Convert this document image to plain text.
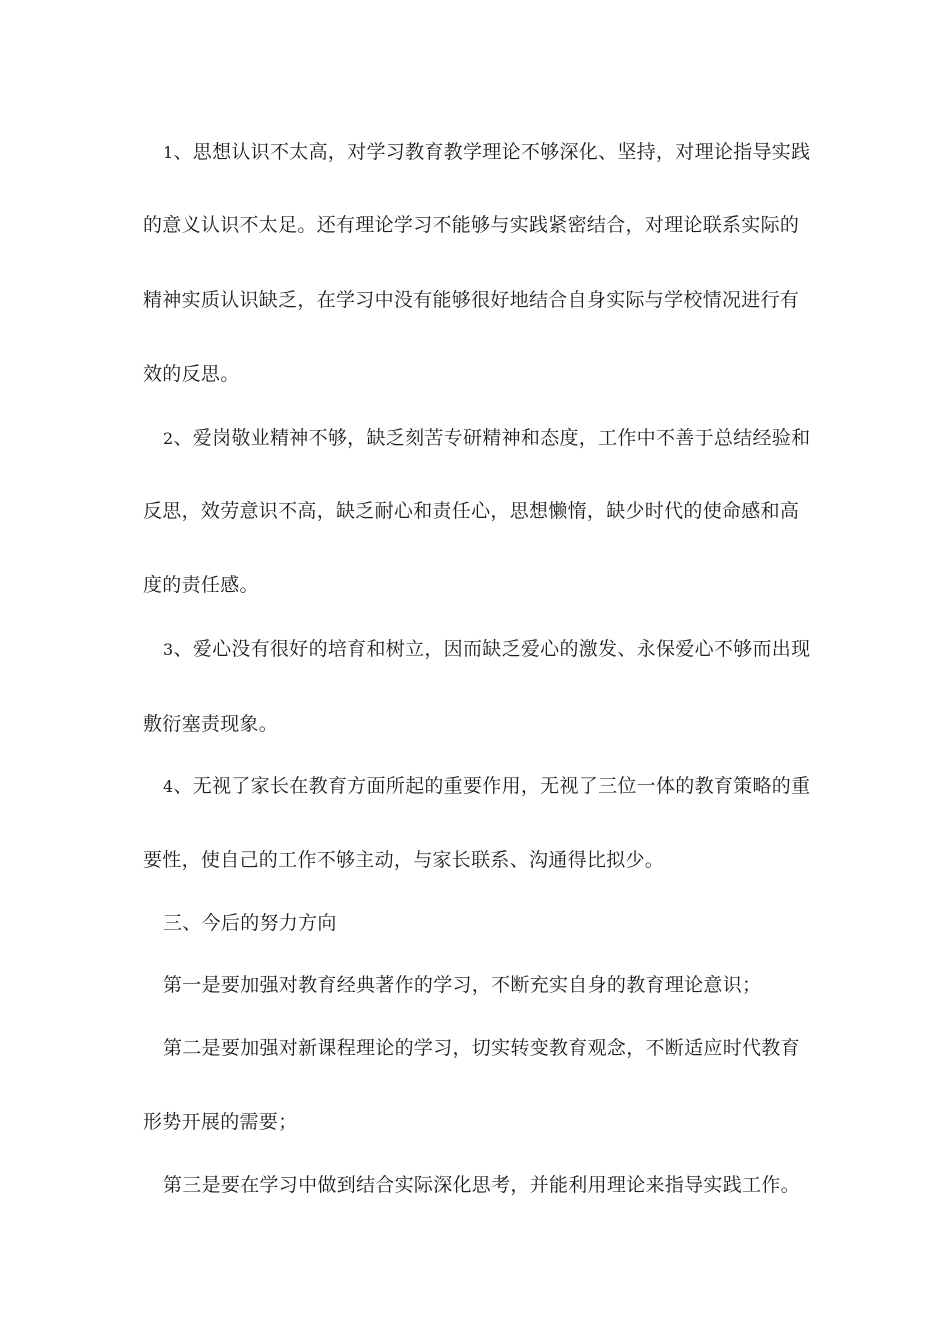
1、思想认识不太高，对学习教育教学理论不够深化、坚持，对理论指导实践
的意义认识不太足。还有理论学习不能够与实践紧密结合，对理论联系实际的
精神实质认识缺乏，在学习中没有能够很好地结合自身实际与学校情况进行有
效的反思。
2、爱岗敬业精神不够，缺乏刻苦专研精神和态度，工作中不善于总结经验和
反思，效劳意识不高，缺乏耐心和责任心，思想懒惰，缺少时代的使命感和高
度的责任感。
3、爱心没有很好的培育和树立，因而缺乏爱心的激发、永保爱心不够而出现
敷衍塞责现象。
4、无视了家长在教育方面所起的重要作用，无视了三位一体的教育策略的重
要性，使自己的工作不够主动，与家长联系、沟通得比拟少。
三、今后的努力方向
第一是要加强对教育经典著作的学习，不断充实自身的教育理论意识；
第二是要加强对新课程理论的学习，切实转变教育观念，不断适应时代教育
形势开展的需要；
第三是要在学习中做到结合实际深化思考，并能利用理论来指导实践工作。
